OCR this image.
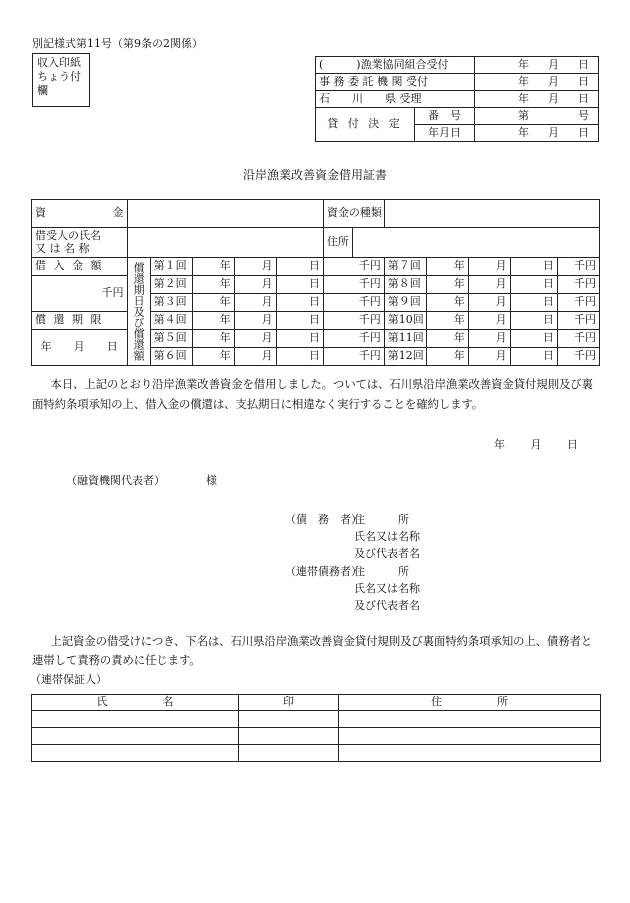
別記様式第11号（第9条の2関係）
収入印紙
ちょう付
欄
(　　　)漁業協同組合受付		年 月 日

事 務 委 託 機 関 受付		年 月 日

石　　川　　県 受理		年 月 日

貸 付 決 定	番　号	第 号

	年月日	年 月 日
沿岸漁業改善資金借用証書
資 金						資金の種類						

借受人の氏名
又 は 名 称						住所						
借 入 金 額	償還期日及び償還額	第１回	年	月	日	千円		第７回	年	月	日	千円
千円		第２回	年	月	日	千円		第８回	年	月	日	千円
		第３回	年	月	日	千円		第９回	年	月	日	千円
償 還 期 限		第４回	年	月	日	千円		第10回	年	月	日	千円
年　　月　　日		第５回	年	月	日	千円		第11回	年	月	日	千円
		第６回	年	月	日	千円		第12回	年	月	日	千円
本日、上記のとおり沿岸漁業改善資金を借用しました。ついては、石川県沿岸漁業改善資金貸付規則及び裏面特約条項承知の上、借入金の償還は、支払期日に相違なく実行することを確約します。
年 月 日
（融資機関代表者）	様
（債　務　者）
住　　　所
氏名又は名称
及び代表者名
（連帯債務者）
住　　　所
氏名又は名称
及び代表者名
上記資金の借受けにつき、下名は、石川県沿岸漁業改善資金貸付規則及び裏面特約条項承知の上、債務者と連帯して責務の責めに任じます。
（連帯保証人）
氏　　　　　名	印	住　　　　　所
